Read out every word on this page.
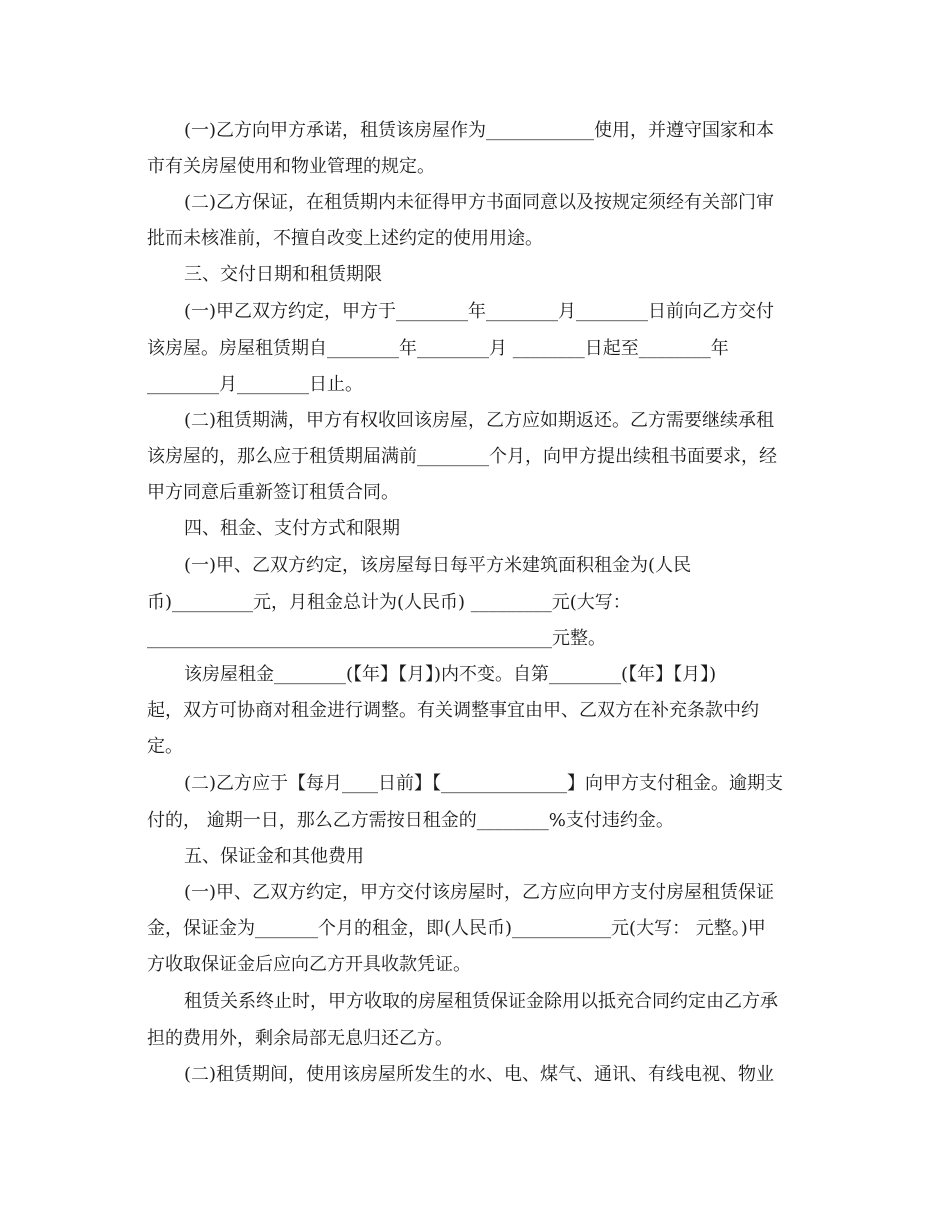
(一)乙方向甲方承诺，租赁该房屋作为____________使用，并遵守国家和本
市有关房屋使用和物业管理的规定。
(二)乙方保证，在租赁期内未征得甲方书面同意以及按规定须经有关部门审
批而未核准前，不擅自改变上述约定的使用用途。
三、交付日期和租赁期限
(一)甲乙双方约定，甲方于________年________月________日前向乙方交付
该房屋。房屋租赁期自________年________月 ________日起至________年
________月________日止。
(二)租赁期满，甲方有权收回该房屋，乙方应如期返还。乙方需要继续承租
该房屋的，那么应于租赁期届满前________个月，向甲方提出续租书面要求，经
甲方同意后重新签订租赁合同。
四、租金、支付方式和限期
(一)甲、乙双方约定，该房屋每日每平方米建筑面积租金为(人民
币)_________元，月租金总计为(人民币) _________元(大写：
_____________________________________________元整。
该房屋租金________(【年】【月】)内不变。自第________(【年】【月】)
起，双方可协商对租金进行调整。有关调整事宜由甲、乙双方在补充条款中约
定。
(二)乙方应于【每月____日前】【______________】向甲方支付租金。逾期支
付的， 逾期一日，那么乙方需按日租金的________%支付违约金。
五、保证金和其他费用
(一)甲、乙双方约定，甲方交付该房屋时，乙方应向甲方支付房屋租赁保证
金，保证金为_______个月的租金，即(人民币)___________元(大写： 元整。)甲
方收取保证金后应向乙方开具收款凭证。
租赁关系终止时，甲方收取的房屋租赁保证金除用以抵充合同约定由乙方承
担的费用外，剩余局部无息归还乙方。
(二)租赁期间，使用该房屋所发生的水、电、煤气、通讯、有线电视、物业
